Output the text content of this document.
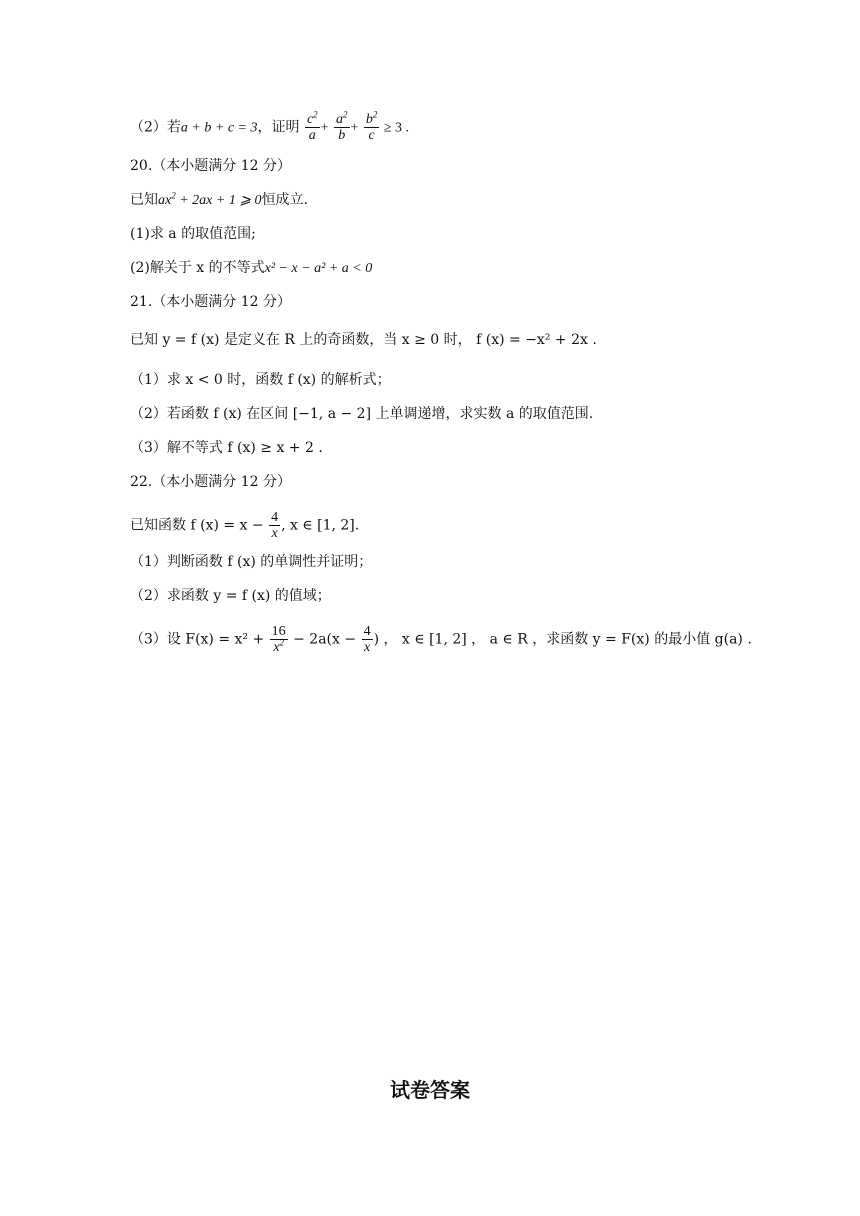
（2）若a + b + c = 3，证明 $\frac{c^2}{a} + \frac{a^2}{b} + \frac{b^2}{c} \ge 3$ .
20.（本小题满分 12 分）
已知$ax^2 + 2ax + 1$ ⩾ 0恒成立.
(1)求 a 的取值范围;
(2)解关于 x 的不等式x² − x − a² + a < 0
21.（本小题满分 12 分）
已知 y = f (x) 是定义在 R 上的奇函数，当 x ≥ 0 时， f (x) = −x² + 2x .
（1）求 x < 0 时，函数 f (x) 的解析式；
（2）若函数 f (x) 在区间 [−1, a − 2] 上单调递增，求实数 a 的取值范围.
（3）解不等式 f (x) ≥ x + 2 .
22.（本小题满分 12 分）
已知函数 f $(x) = x - \frac{4}{x}$ , x ∈ [1, 2].
（1）判断函数 f (x) 的单调性并证明；
（2）求函数 y = f (x) 的值域；
（3）设 $F(x) = x^2 + \frac{16}{x^2} - 2a(x - \frac{4}{x}$ ) ， x ∈ [1, 2] ， a ∈ R ，求函数 y = F(x) 的最小值 g(a) .
试卷答案
